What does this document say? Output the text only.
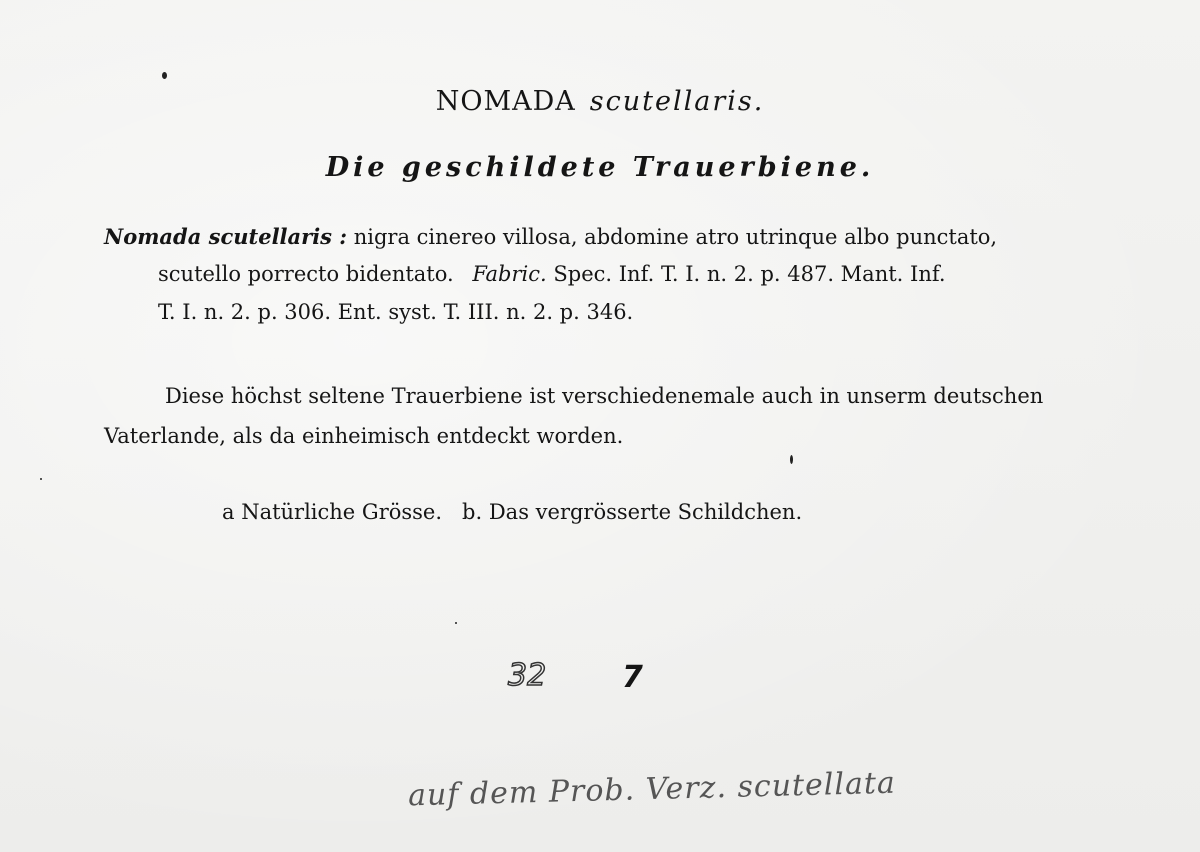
NOMADA scutellaris.
Die geschildete Trauerbiene.
Nomada scutellaris : nigra cinereo villosa, abdomine atro utrinque albo punctato,
scutello porrecto bidentato. Fabric. Spec. Inf. T. I. n. 2. p. 487. Mant. Inf.
T. I. n. 2. p. 306. Ent. syst. T. III. n. 2. p. 346.
Diese höchst seltene Trauerbiene ist verschiedenemale auch in unserm deutschen
Vaterlande, als da einheimisch entdeckt worden.
a Natürliche Grösse.   b. Das vergrösserte Schildchen.
32	7
auf dem Prob. Verz. scutellata
